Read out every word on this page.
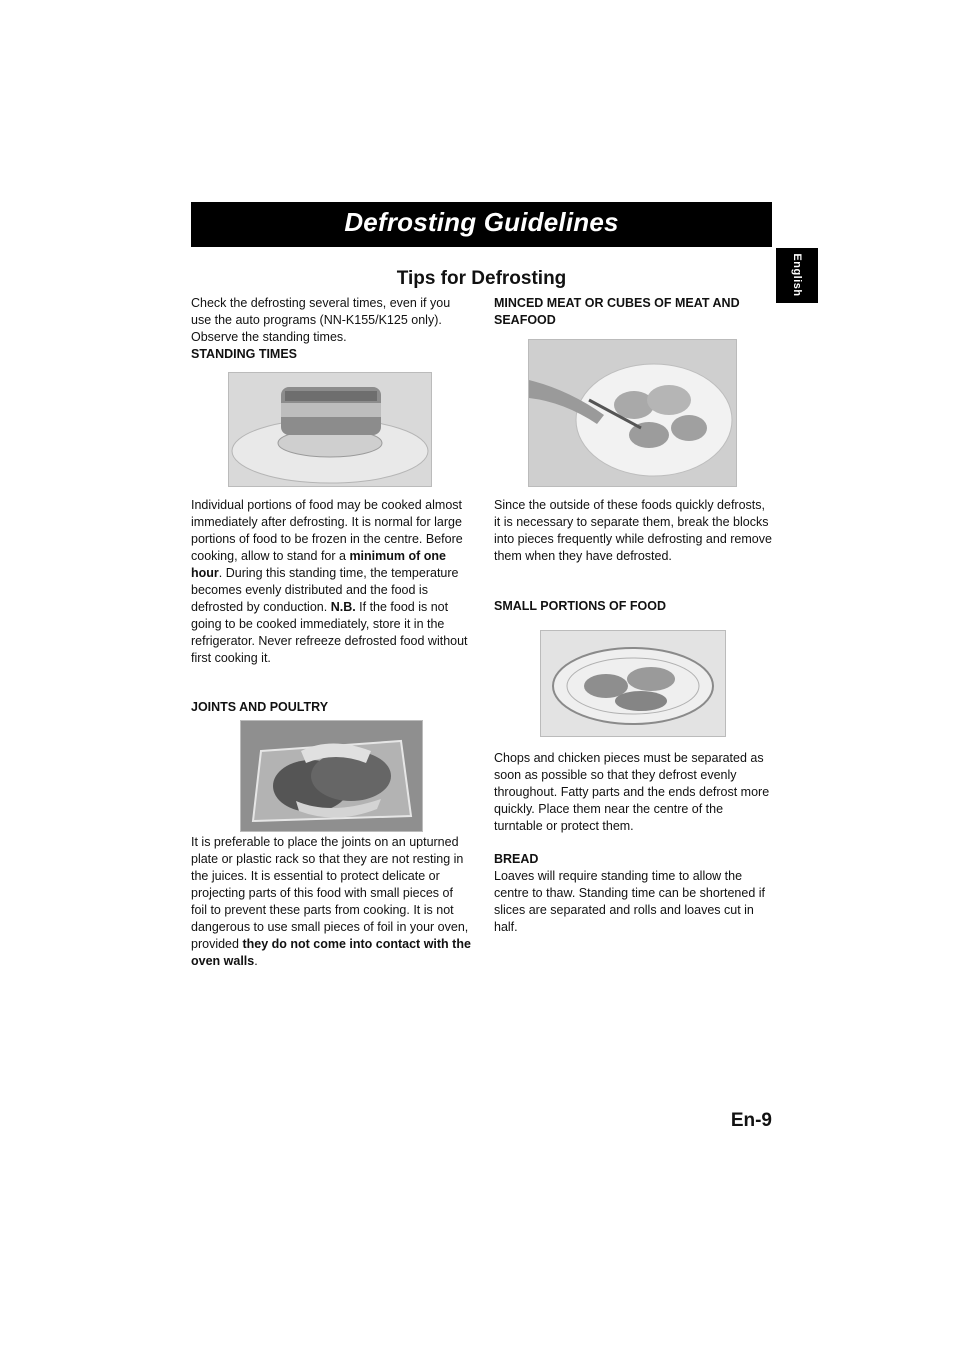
Defrosting Guidelines
English
Tips for Defrosting

Check the defrosting several times, even if you use the auto programs (NN-K155/K125 only). Observe the standing times.

STANDING TIMES

Individual portions of food may be cooked almost immediately after defrosting. It is normal for large portions of food to be frozen in the centre. Before cooking, allow to stand for a minimum of one hour. During this standing time, the temperature becomes evenly distributed and the food is defrosted by conduction. N.B. If the food is not going to be cooked immediately, store it in the refrigerator. Never refreeze defrosted food without first cooking it.

JOINTS AND POULTRY

It is preferable to place the joints on an upturned plate or plastic rack so that they are not resting in the juices. It is essential to protect delicate or projecting parts of this food with small pieces of foil to prevent these parts from cooking. It is not dangerous to use small pieces of foil in your oven, provided they do not come into contact with the oven walls.

MINCED MEAT OR CUBES OF MEAT AND SEAFOOD

Since the outside of these foods quickly defrosts, it is necessary to separate them, break the blocks into pieces frequently while defrosting and remove them when they have defrosted.

SMALL PORTIONS OF FOOD

Chops and chicken pieces must be separated as soon as possible so that they defrost evenly throughout. Fatty parts and the ends defrost more quickly. Place them near the centre of the turntable or protect them.

BREAD

Loaves will require standing time to allow the centre to thaw. Standing time can be shortened if slices are separated and rolls and loaves cut in half.

En-9
